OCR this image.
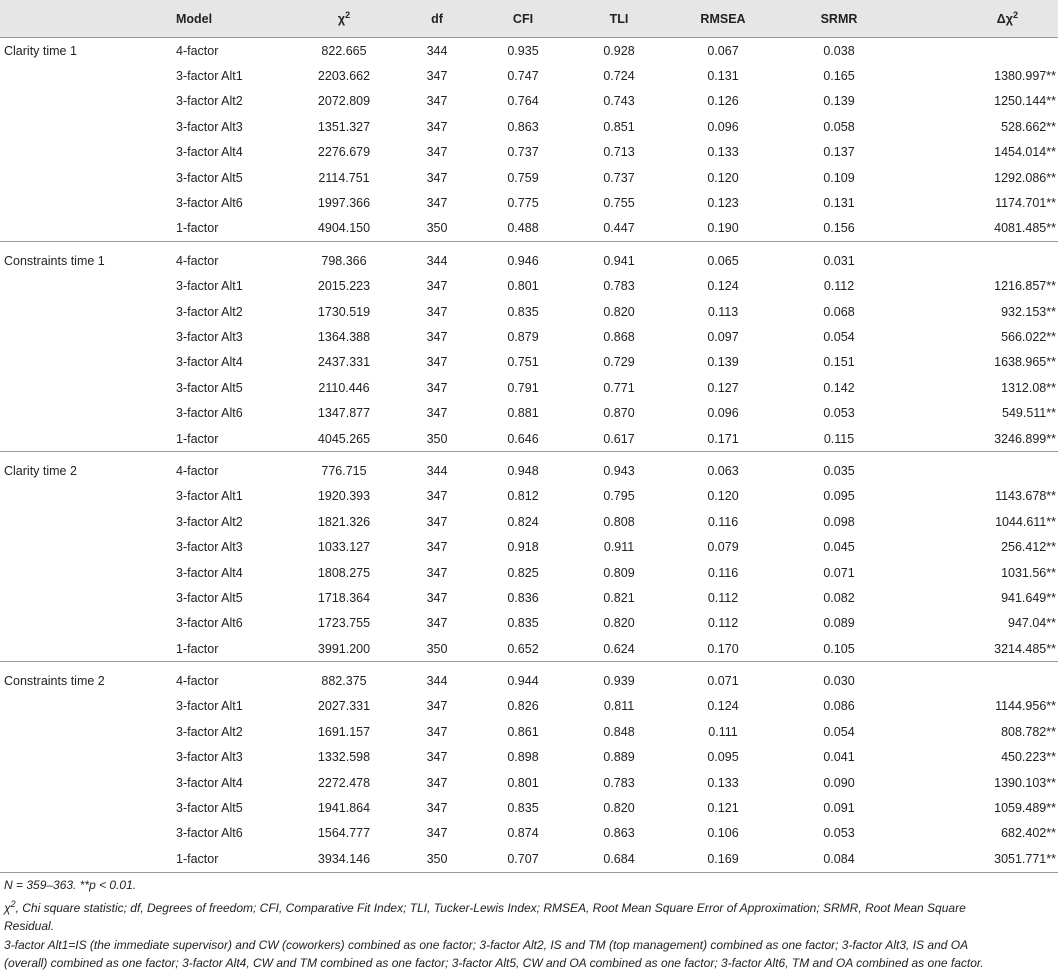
	Model	$\chi^2$	df	CFI	TLI	RMSEA	SRMR	$\Delta\chi^2$
Clarity time 1	4-factor	822.665	344	0.935	0.928	0.067	0.038	
	3-factor Alt1	2203.662	347	0.747	0.724	0.131	0.165	1380.997**
	3-factor Alt2	2072.809	347	0.764	0.743	0.126	0.139	1250.144**
	3-factor Alt3	1351.327	347	0.863	0.851	0.096	0.058	528.662**
	3-factor Alt4	2276.679	347	0.737	0.713	0.133	0.137	1454.014**
	3-factor Alt5	2114.751	347	0.759	0.737	0.120	0.109	1292.086**
	3-factor Alt6	1997.366	347	0.775	0.755	0.123	0.131	1174.701**
	1-factor	4904.150	350	0.488	0.447	0.190	0.156	4081.485**
Constraints time 1	4-factor	798.366	344	0.946	0.941	0.065	0.031	
	3-factor Alt1	2015.223	347	0.801	0.783	0.124	0.112	1216.857**
	3-factor Alt2	1730.519	347	0.835	0.820	0.113	0.068	932.153**
	3-factor Alt3	1364.388	347	0.879	0.868	0.097	0.054	566.022**
	3-factor Alt4	2437.331	347	0.751	0.729	0.139	0.151	1638.965**
	3-factor Alt5	2110.446	347	0.791	0.771	0.127	0.142	1312.08**
	3-factor Alt6	1347.877	347	0.881	0.870	0.096	0.053	549.511**
	1-factor	4045.265	350	0.646	0.617	0.171	0.115	3246.899**
Clarity time 2	4-factor	776.715	344	0.948	0.943	0.063	0.035	
	3-factor Alt1	1920.393	347	0.812	0.795	0.120	0.095	1143.678**
	3-factor Alt2	1821.326	347	0.824	0.808	0.116	0.098	1044.611**
	3-factor Alt3	1033.127	347	0.918	0.911	0.079	0.045	256.412**
	3-factor Alt4	1808.275	347	0.825	0.809	0.116	0.071	1031.56**
	3-factor Alt5	1718.364	347	0.836	0.821	0.112	0.082	941.649**
	3-factor Alt6	1723.755	347	0.835	0.820	0.112	0.089	947.04**
	1-factor	3991.200	350	0.652	0.624	0.170	0.105	3214.485**
Constraints time 2	4-factor	882.375	344	0.944	0.939	0.071	0.030	
	3-factor Alt1	2027.331	347	0.826	0.811	0.124	0.086	1144.956**
	3-factor Alt2	1691.157	347	0.861	0.848	0.111	0.054	808.782**
	3-factor Alt3	1332.598	347	0.898	0.889	0.095	0.041	450.223**
	3-factor Alt4	2272.478	347	0.801	0.783	0.133	0.090	1390.103**
	3-factor Alt5	1941.864	347	0.835	0.820	0.121	0.091	1059.489**
	3-factor Alt6	1564.777	347	0.874	0.863	0.106	0.053	682.402**
	1-factor	3934.146	350	0.707	0.684	0.169	0.084	3051.771**

N = 359–363. **p < 0.01.

$\chi^2$, Chi square statistic; df, Degrees of freedom; CFI, Comparative Fit Index; TLI, Tucker-Lewis Index; RMSEA, Root Mean Square Error of Approximation; SRMR, Root Mean Square Residual.

3-factor Alt1=IS (the immediate supervisor) and CW (coworkers) combined as one factor; 3-factor Alt2, IS and TM (top management) combined as one factor; 3-factor Alt3, IS and OA (overall) combined as one factor; 3-factor Alt4, CW and TM combined as one factor; 3-factor Alt5, CW and OA combined as one factor; 3-factor Alt6, TM and OA combined as one factor.
